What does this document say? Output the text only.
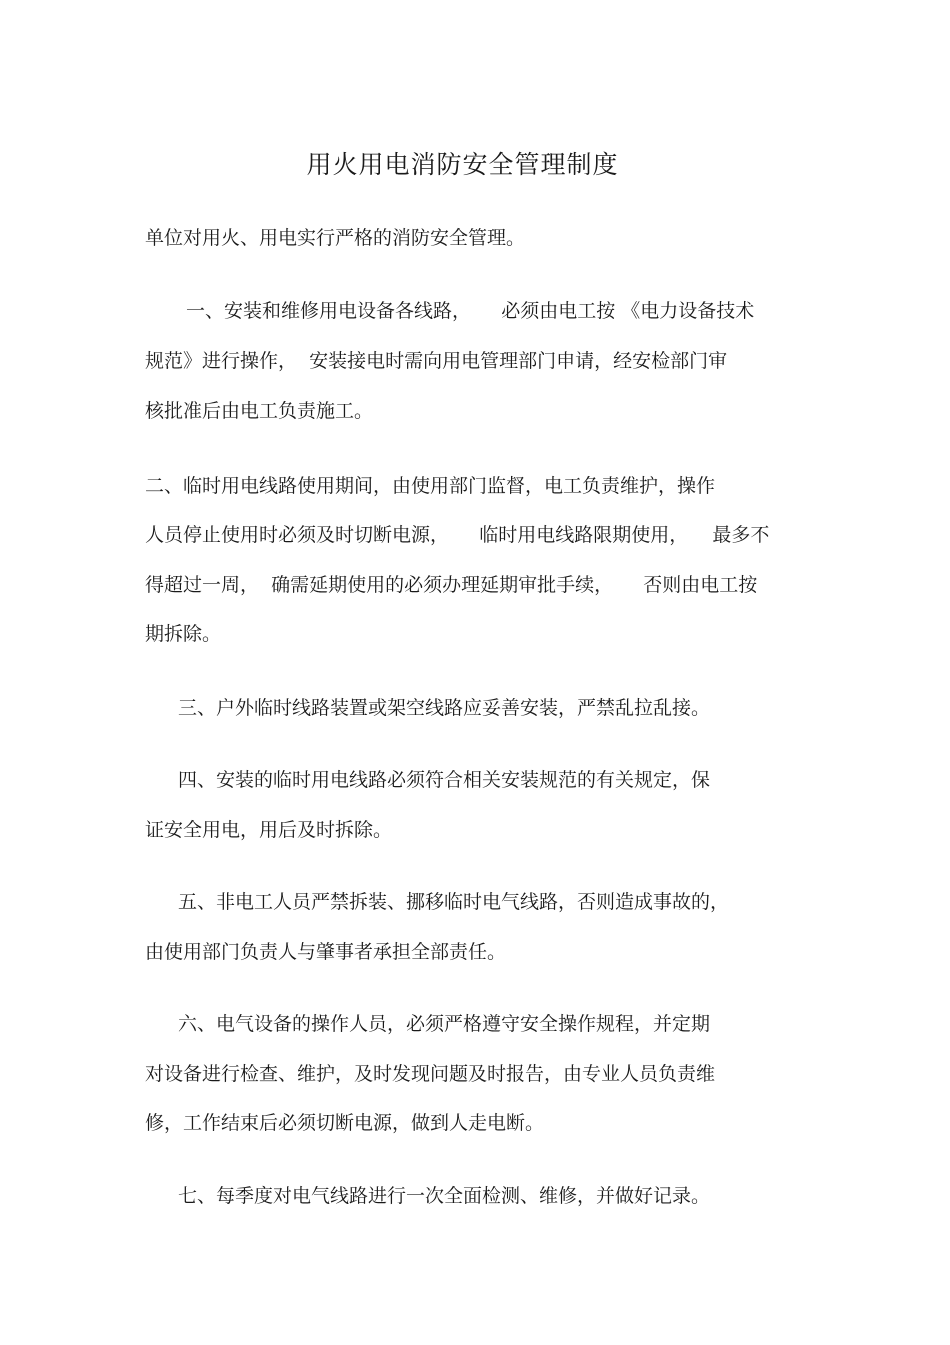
用火用电消防安全管理制度
单位对用火、用电实行严格的消防安全管理。
一、安装和维修用电设备各线路，     必须由电工按 《电力设备技术
规范》进行操作，  安装接电时需向用电管理部门申请，经安检部门审
核批准后由电工负责施工。
二、临时用电线路使用期间，由使用部门监督，电工负责维护，操作
人员停止使用时必须及时切断电源，     临时用电线路限期使用，    最多不
得超过一周，  确需延期使用的必须办理延期审批手续，     否则由电工按
期拆除。
三、户外临时线路装置或架空线路应妥善安装，严禁乱拉乱接。
四、安装的临时用电线路必须符合相关安装规范的有关规定，保
证安全用电，用后及时拆除。
五、非电工人员严禁拆装、挪移临时电气线路，否则造成事故的，
由使用部门负责人与肇事者承担全部责任。
六、电气设备的操作人员，必须严格遵守安全操作规程，并定期
对设备进行检查、维护，及时发现问题及时报告，由专业人员负责维
修，工作结束后必须切断电源，做到人走电断。
七、每季度对电气线路进行一次全面检测、维修，并做好记录。
